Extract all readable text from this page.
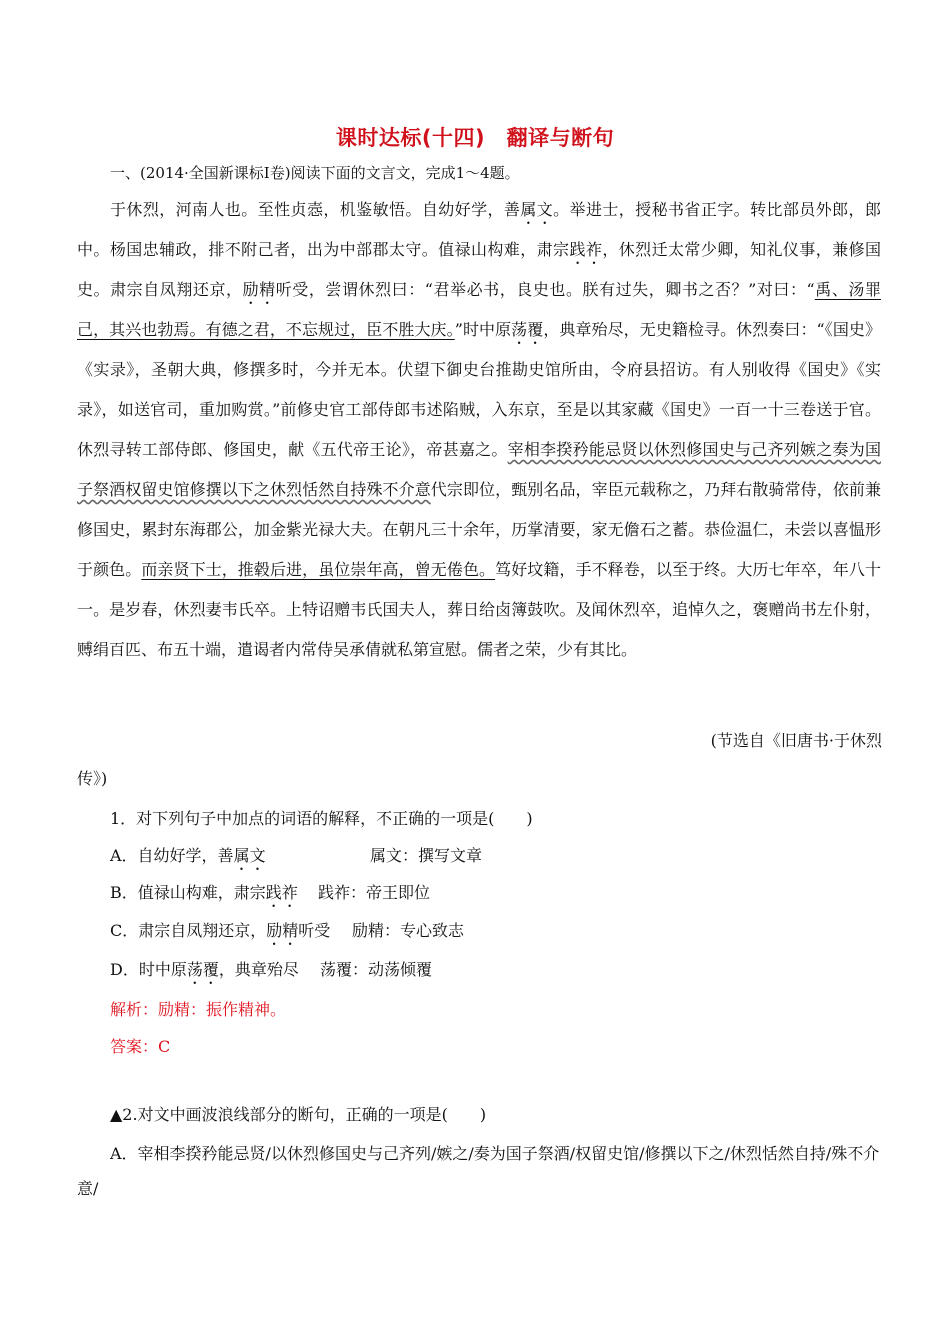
课时达标(十四)　翻译与断句
一、(2014·全国新课标Ⅰ卷)阅读下面的文言文，完成1～4题。

于休烈，河南人也。至性贞悫，机鉴敏悟。自幼好学，善属文。举进士，授秘书省正字。转比部员外郎，郎中。杨国忠辅政，排不附己者，出为中部郡太守。值禄山构难，肃宗践祚，休烈迁太常少卿，知礼仪事，兼修国史。肃宗自凤翔还京，励精听受，尝谓休烈曰：“君举必书，良史也。朕有过失，卿书之否？”对曰：“禹、汤罪己，其兴也勃焉。有德之君，不忘规过，臣不胜大庆。”时中原荡覆，典章殆尽，无史籍检寻。休烈奏曰：“《国史》《实录》，圣朝大典，修撰多时，今并无本。伏望下御史台推勘史馆所由，令府县招访。有人别收得《国史》《实录》，如送官司，重加购赏。”前修史官工部侍郎韦述陷贼，入东京，至是以其家藏《国史》一百一十三卷送于官。休烈寻转工部侍郎、修国史，献《五代帝王论》，帝甚嘉之。宰相李揆矜能忌贤以休烈修国史与己齐列嫉之奏为国子祭酒权留史馆修撰以下之休烈恬然自持殊不介意代宗即位，甄别名品，宰臣元载称之，乃拜右散骑常侍，依前兼修国史，累封东海郡公，加金紫光禄大夫。在朝凡三十余年，历掌清要，家无儋石之蓄。恭俭温仁，未尝以喜愠形于颜色。而亲贤下士，推毂后进，虽位崇年高，曾无倦色。笃好坟籍，手不释卷，以至于终。大历七年卒，年八十一。是岁春，休烈妻韦氏卒。上特诏赠韦氏国夫人，葬日给卤簿鼓吹。及闻休烈卒，追悼久之，褒赠尚书左仆射，赙绢百匹、布五十端，遣谒者内常侍吴承倩就私第宣慰。儒者之荣，少有其比。

(节选自《旧唐书·于休烈
传》)
1．对下列句子中加点的词语的解释，不正确的一项是(　　)
A．自幼好学，善属文	属文：撰写文章
B．值禄山构难，肃宗践祚 践祚：帝王即位
C．肃宗自凤翔还京，励精听受 励精：专心致志
D．时中原荡覆，典章殆尽 荡覆：动荡倾覆
解析：励精：振作精神。
答案：C
▲2.对文中画波浪线部分的断句，正确的一项是(　　)

A．宰相李揆矜能忌贤/以休烈修国史与己齐列/嫉之/奏为国子祭酒/权留史馆/修撰以下之/休烈恬然自持/殊不介意/
